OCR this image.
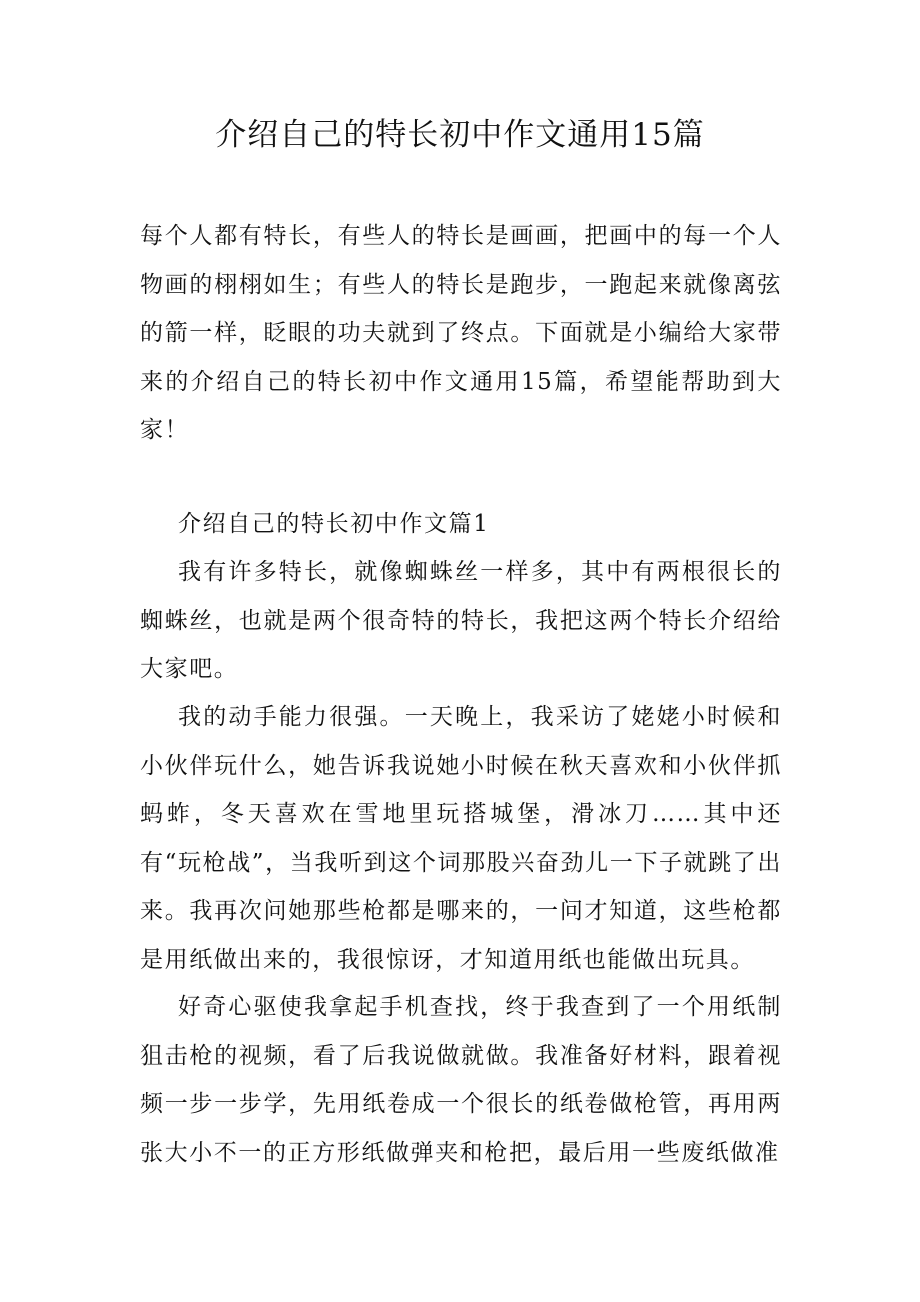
介绍自己的特长初中作文通用15篇

每个人都有特长，有些人的特长是画画，把画中的每一个人物画的栩栩如生；有些人的特长是跑步，一跑起来就像离弦的箭一样，眨眼的功夫就到了终点。下面就是小编给大家带来的介绍自己的特长初中作文通用15篇，希望能帮助到大家！

介绍自己的特长初中作文篇1

我有许多特长，就像蜘蛛丝一样多，其中有两根很长的蜘蛛丝，也就是两个很奇特的特长，我把这两个特长介绍给大家吧。

我的动手能力很强。一天晚上，我采访了姥姥小时候和小伙伴玩什么，她告诉我说她小时候在秋天喜欢和小伙伴抓蚂蚱，冬天喜欢在雪地里玩搭城堡，滑冰刀……其中还有“玩枪战”，当我听到这个词那股兴奋劲儿一下子就跳了出来。我再次问她那些枪都是哪来的，一问才知道，这些枪都是用纸做出来的，我很惊讶，才知道用纸也能做出玩具。

好奇心驱使我拿起手机查找，终于我查到了一个用纸制狙击枪的视频，看了后我说做就做。我准备好材料，跟着视频一步一步学，先用纸卷成一个很长的纸卷做枪管，再用两张大小不一的正方形纸做弹夹和枪把，最后用一些废纸做准
